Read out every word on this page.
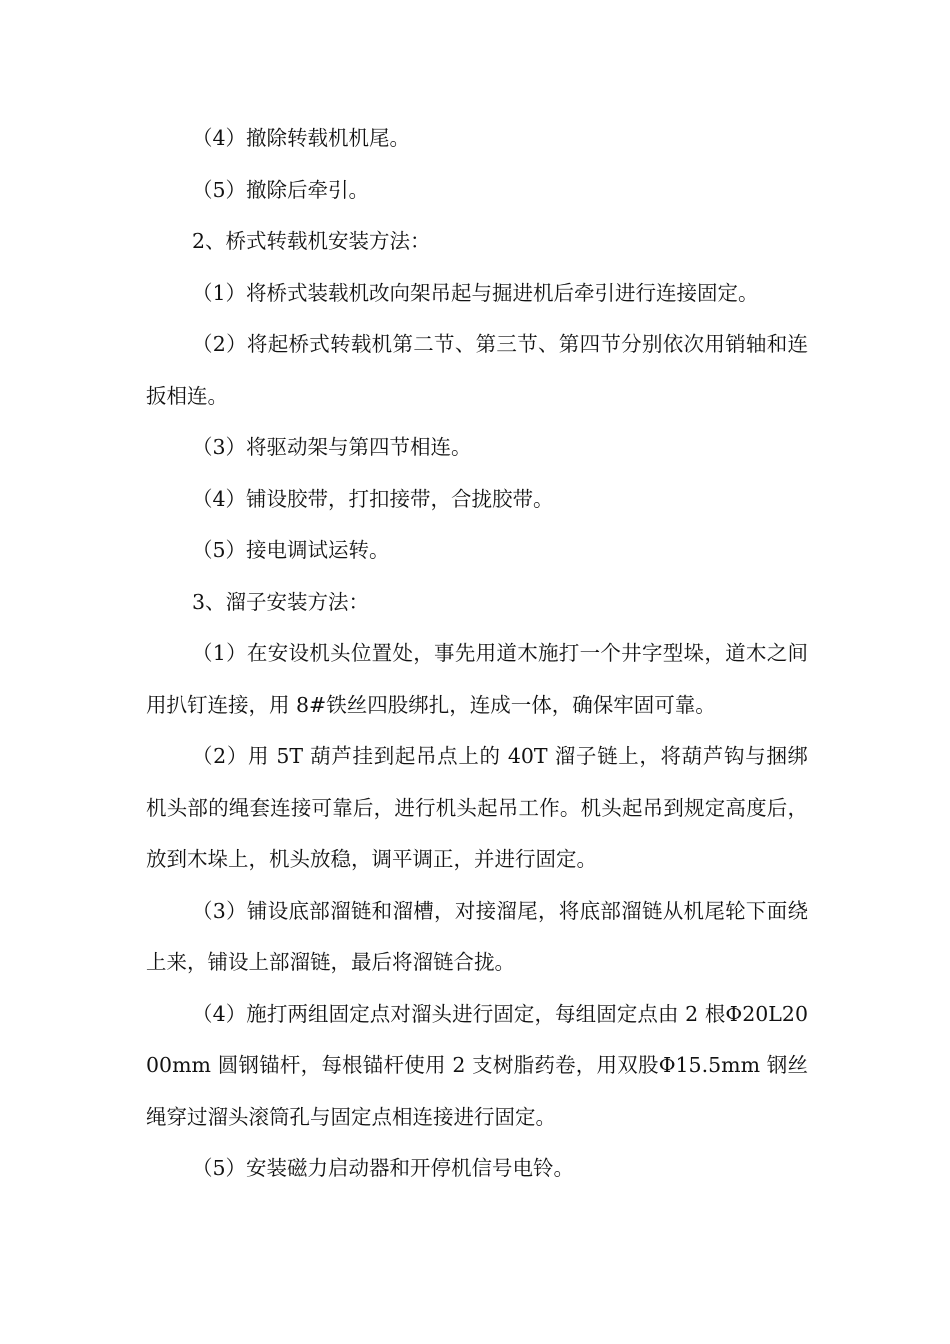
（4）撤除转载机机尾。

（5）撤除后牵引。

2、桥式转载机安装方法：

（1）将桥式装载机改向架吊起与掘进机后牵引进行连接固定。

（2）将起桥式转载机第二节、第三节、第四节分别依次用销轴和连扳相连。

（3）将驱动架与第四节相连。

（4）铺设胶带，打扣接带，合拢胶带。

（5）接电调试运转。

3、溜子安装方法：

（1）在安设机头位置处，事先用道木施打一个井字型垛，道木之间用扒钉连接，用 8#铁丝四股绑扎，连成一体，确保牢固可靠。

（2）用 5T 葫芦挂到起吊点上的 40T 溜子链上，将葫芦钩与捆绑机头部的绳套连接可靠后，进行机头起吊工作。机头起吊到规定高度后，放到木垛上，机头放稳，调平调正，并进行固定。

（3）铺设底部溜链和溜槽，对接溜尾，将底部溜链从机尾轮下面绕上来，铺设上部溜链，最后将溜链合拢。

（4）施打两组固定点对溜头进行固定，每组固定点由 2 根Φ20L2000mm 圆钢锚杆，每根锚杆使用 2 支树脂药卷，用双股Φ15.5mm 钢丝绳穿过溜头滚筒孔与固定点相连接进行固定。

（5）安装磁力启动器和开停机信号电铃。
